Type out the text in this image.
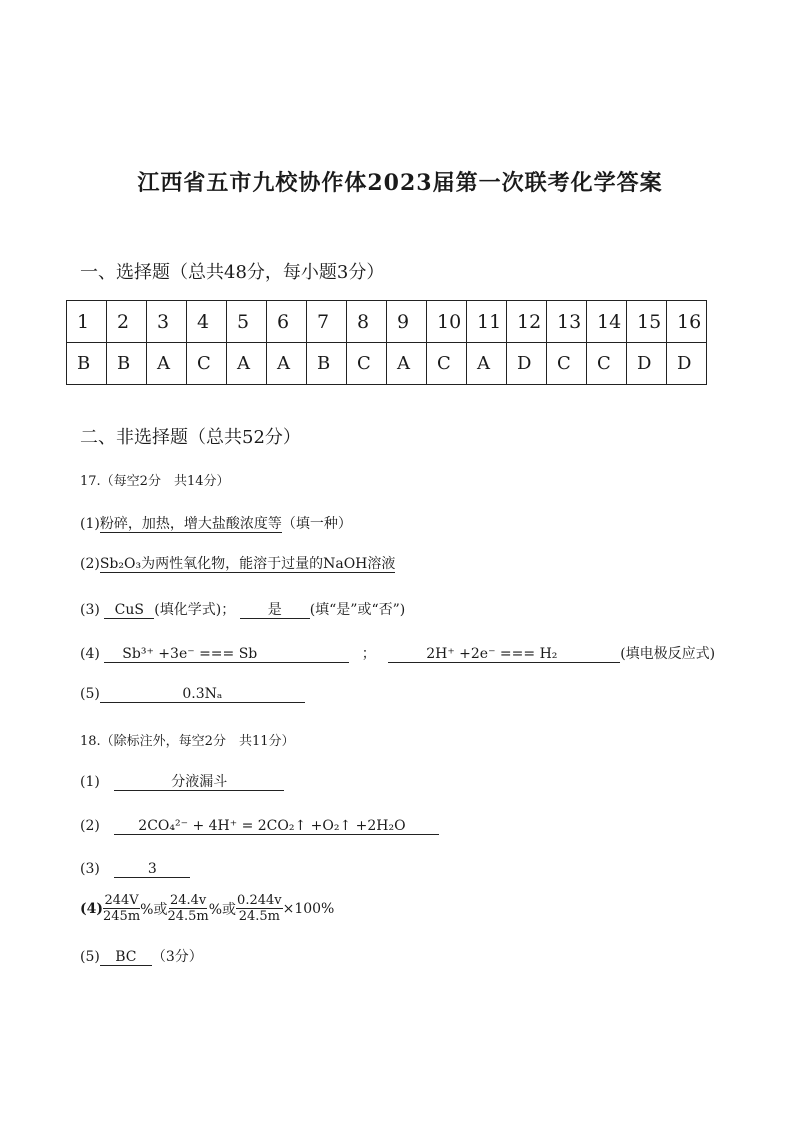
江西省五市九校协作体2023届第一次联考化学答案
一、选择题（总共48分，每小题3分）
1	2	3	4	5	6	7	8	9	10	11	12	13	14	15	16
B	B	A	C	A	A	B	C	A	C	A	D	C	C	D	D
二、非选择题（总共52分）
17.（每空2分　共14分）
(1)粉碎，加热，增大盐酸浓度等（填一种）
(2)Sb₂O₃为两性氧化物，能溶于过量的NaOH溶液
(3) CuS (填化学式)； 是 (填“是”或“否”)
(4) Sb³⁺ +3e⁻ === Sb	；	2H⁺ +2e⁻ === H₂	(填电极反应式)
(5)	0.3Nₐ
18.（除标注外，每空2分　共11分）
(1)	分液漏斗
(2)	2CO₄²⁻ + 4H⁺ = 2CO₂↑ +O₂↑ +2H₂O
(3)	3
$(4) \frac{244V}{245m}$ %或 $\frac{24.4v}{24.5m}$ %或 $\frac{0.244v}{24.5m} \times 100\%$
(5) BC （3分）
